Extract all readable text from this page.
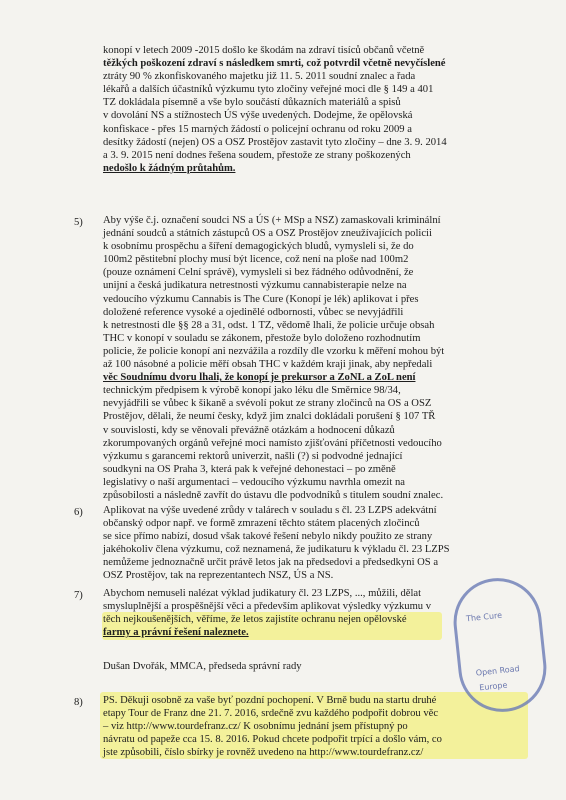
konopí v letech 2009 -2015 došlo ke škodám na zdraví tisíců občanů včetně
těžkých poškození zdraví s následkem smrti, což potvrdil včetně nevyčíslené
ztráty 90 % zkonfiskovaného majetku již 11. 5. 2011 soudní znalec a řada
lékařů a dalších účastníků výzkumu tyto zločiny veřejné moci dle § 149 a 401
TZ dokládala písemně a vše bylo součástí důkazních materiálů a spisů
v dovolání NS a stížnostech ÚS výše uvedených. Dodejme, že opělovská
konfiskace - přes 15 marných žádostí o policejní ochranu od roku 2009 a
desítky žádostí (nejen) OS a OSZ Prostějov zastavit tyto zločiny – dne 3. 9. 2014
a 3. 9. 2015 není dodnes řešena soudem, přestože ze strany poškozených
nedošlo k žádným průtahům.
5) Aby výše č.j. označení soudci NS a ÚS (+ MSp a NSZ) zamaskovali kriminální
jednání soudců a státních zástupců OS a OSZ Prostějov zneužívajících policii
k osobnímu prospěchu a šíření demagogických bludů, vymysleli si, že do
100m2 pěstitební plochy musí být licence, což není na ploše nad 100m2
(pouze oznámení Celní správě), vymysleli si bez řádného odůvodnění, že
unijní a česká judikatura netrestnosti výzkumu cannabisterapie nelze na
vedoucího výzkumu Cannabis is The Cure (Konopí je lék) aplikovat i přes
doložené reference vysoké a ojedinělé odbornosti, vůbec se nevyjádřili
k netrestnosti dle §§ 28 a 31, odst. 1 TZ, vědomě lhali, že policie určuje obsah
THC v konopí v souladu se zákonem, přestože bylo doloženo rozhodnutím
policie, že policie konopí ani nezvážila a rozdíly dle vzorku k měření mohou být
až 100 násobné a policie měří obsah THC v každém kraji jinak, aby nepředali
věc Soudnímu dvoru lhali, že konopí je prekursor a ZoNL a ZoL není
technickým předpisem k výrobě konopí jako léku dle Směrnice 98/34,
nevyjádřili se vůbec k šikaně a svévolí pokut ze strany zločinců na OS a OSZ
Prostějov, dělali, že neumí česky, když jim znalci dokládali porušení § 107 TŘ
v souvislosti, kdy se věnovali převážně otázkám a hodnocení důkazů
zkorumpovaných orgánů veřejné moci namísto zjišťování příčetnosti vedoucího
výzkumu s garancemi rektorů univerzit, našli (?) si podvodné jednající
soudkyni na OS Praha 3, která pak k veřejné dehonestaci – po změně
legislativy o naší argumentaci – vedoucího výzkumu navrhla omezit na
způsobilosti a následně zavřít do ústavu dle podvodníků s titulem soudní znalec.
6) Aplikovat na výše uvedené zrůdy v talárech v souladu s čl. 23 LZPS adekvátní
občanský odpor např. ve formě zmrazení těchto státem placených zločinců
se sice přímo nabízí, dosud však takové řešení nebylo nikdy použito ze strany
jakéhokoliv člena výzkumu, což neznamená, že judikaturu k výkladu čl. 23 LZPS
nemůžeme jednoznačně určit právě letos jak na předsedovi a předsedkyni OS a
OSZ Prostějov, tak na reprezentantech NSZ, ÚS a NS.
7) Abychom nemuseli nalézat výklad judikatury čl. 23 LZPS, ..., můžili, dělat
smysluplnější a prospěšnější věci a především aplikovat výsledky výzkumu v
těch nejkoušenějších, věříme, že letos zajistíte ochranu nejen opělovské
farmy a právní řešení naleznete.
Dušan Dvořák, MMCA, předseda správní rady
8) PS. Děkuji osobně za vaše byť pozdní pochopení. V Brně budu na startu druhé
etapy Tour de Franz dne 21. 7. 2016, srdečně zvu každého podpořit dobrou věc
– viz http://www.tourdefranz.cz/ K osobnímu jednání jsem přístupný po
návratu od papeže cca 15. 8. 2016. Pokud chcete podpořit trpící a došlo vám, co
jste způsobili, číslo sbírky je rovněž uvedeno na http://www.tourdefranz.cz/
The Cure
Open Road
Europe
